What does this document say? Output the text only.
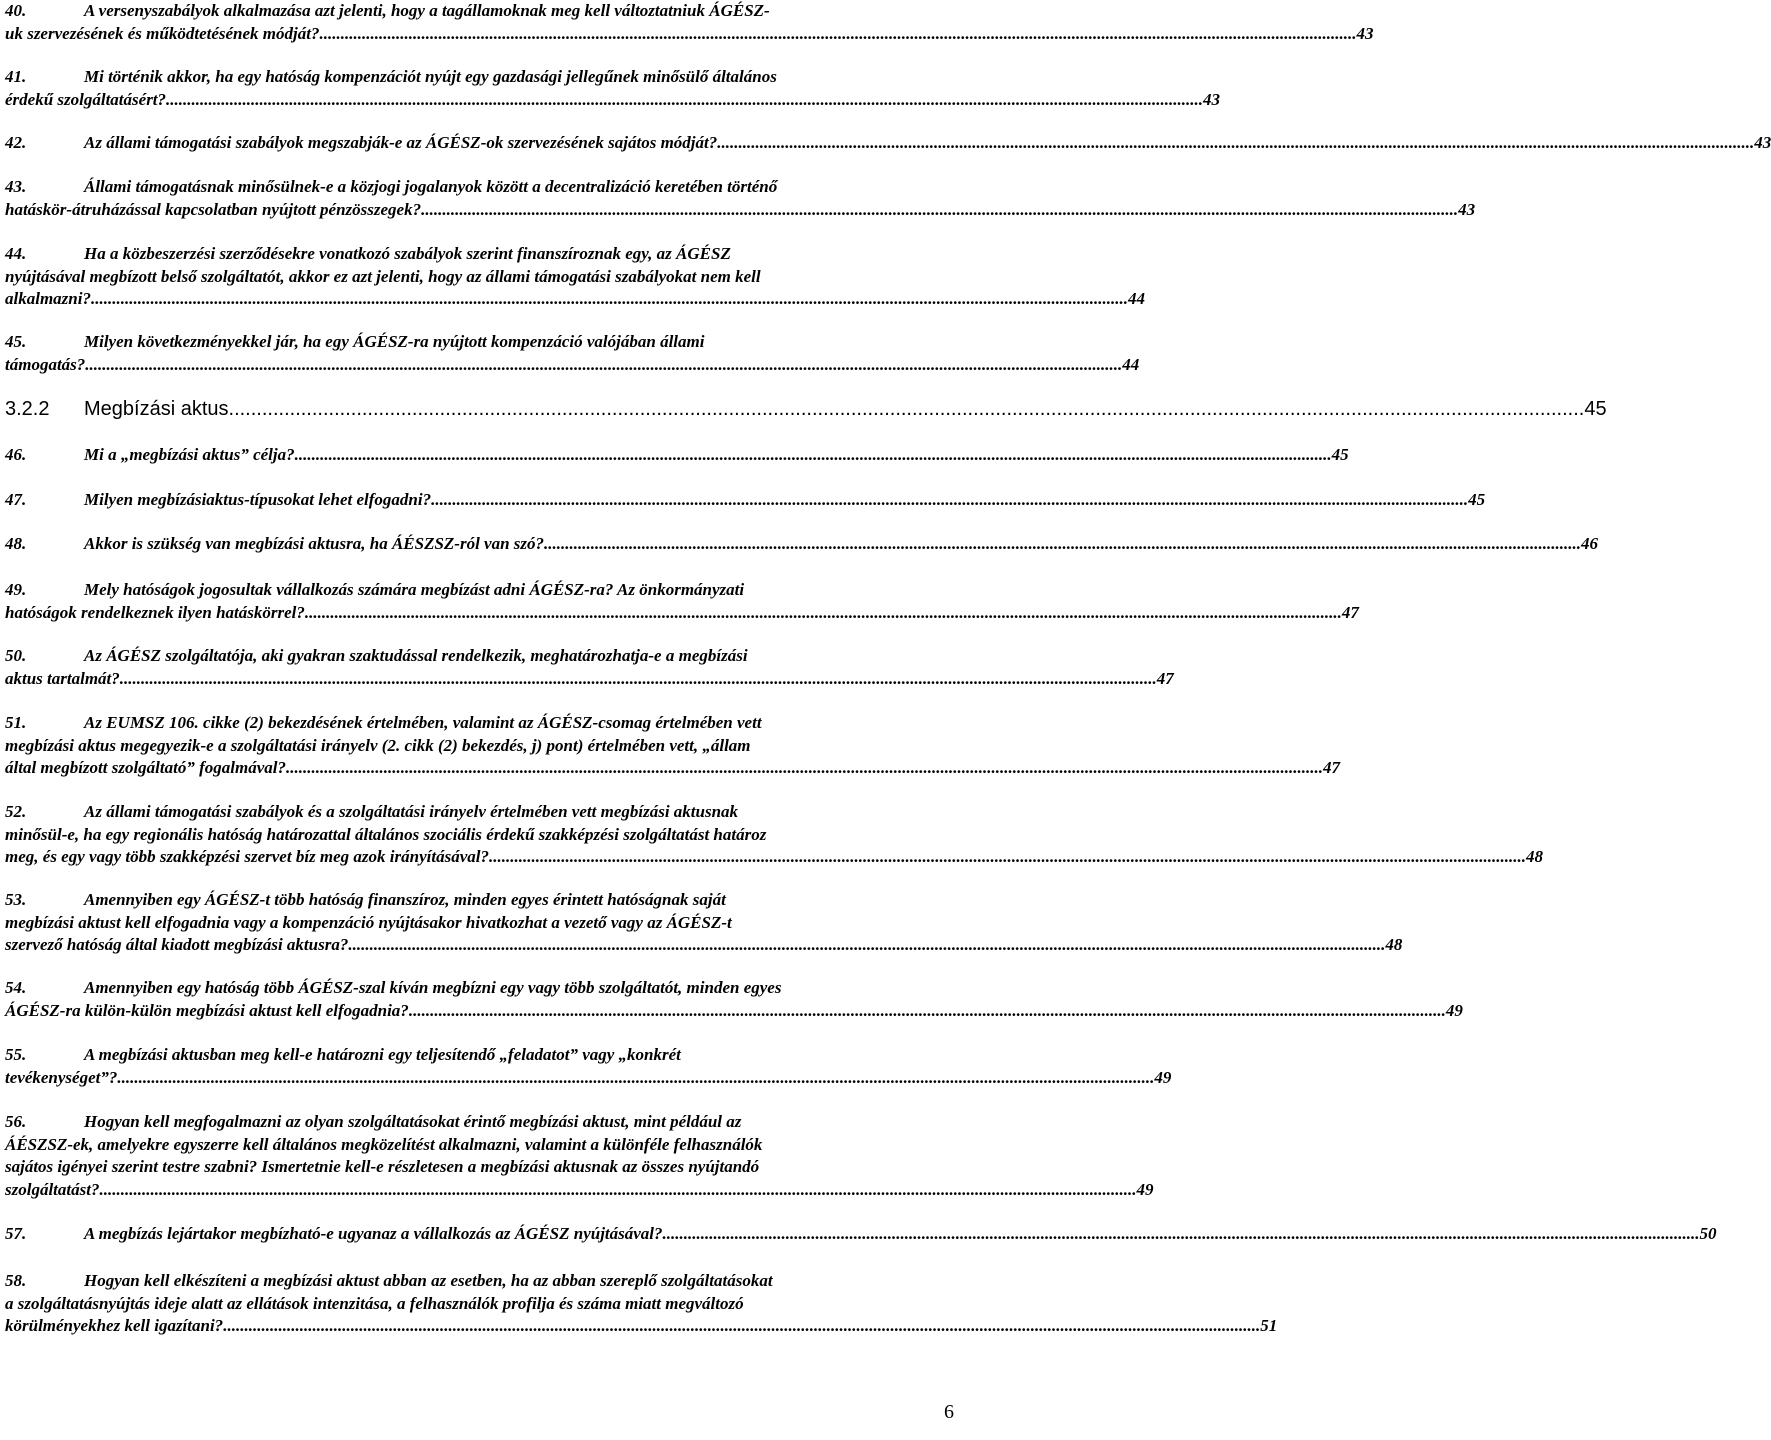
40.	A versenyszabályok alkalmazása azt jelenti, hogy a tagállamoknak meg kell változtatniuk ÁGÉSZ-
uk szervezésének és működtetésének módját? .....	43
41.	Mi történik akkor, ha egy hatóság kompenzációt nyújt egy gazdasági jellegűnek minősülő általános
érdekű szolgáltatásért? .....	43
42.	Az állami támogatási szabályok megszabják-e az ÁGÉSZ-ok szervezésének sajátos módját? .....	43
43.	Állami támogatásnak minősülnek-e a közjogi jogalanyok között a decentralizáció keretében történő
hatáskör-átruházással kapcsolatban nyújtott pénzösszegek? .....	43
44.	Ha a közbeszerzési szerződésekre vonatkozó szabályok szerint finanszíroznak egy, az ÁGÉSZ
nyújtásával megbízott belső szolgáltatót, akkor ez azt jelenti, hogy az állami támogatási szabályokat nem kell
alkalmazni? .....	44
45.	Milyen következményekkel jár, ha egy ÁGÉSZ-ra nyújtott kompenzáció valójában állami
támogatás? .....	44
3.2.2 Megbízási aktus .....	45
46.	Mi a „megbízási aktus” célja? .....	45
47.	Milyen megbízásiaktus-típusokat lehet elfogadni? .....	45
48.	Akkor is szükség van megbízási aktusra, ha ÁÉSZSZ-ról van szó? .....	46
49.	Mely hatóságok jogosultak vállalkozás számára megbízást adni ÁGÉSZ-ra? Az önkormányzati
hatóságok rendelkeznek ilyen hatáskörrel? .....	47
50.	Az ÁGÉSZ szolgáltatója, aki gyakran szaktudással rendelkezik, meghatározhatja-e a megbízási
aktus tartalmát? .....	47
51.	Az EUMSZ 106. cikke (2) bekezdésének értelmében, valamint az ÁGÉSZ-csomag értelmében vett
megbízási aktus megegyezik-e a szolgáltatási irányelv (2. cikk (2) bekezdés, j) pont) értelmében vett, „állam
által megbízott szolgáltató” fogalmával? .....	47
52.	Az állami támogatási szabályok és a szolgáltatási irányelv értelmében vett megbízási aktusnak
minősül-e, ha egy regionális hatóság határozattal általános szociális érdekű szakképzési szolgáltatást határoz
meg, és egy vagy több szakképzési szervet bíz meg azok irányításával? .....	48
53.	Amennyiben egy ÁGÉSZ-t több hatóság finanszíroz, minden egyes érintett hatóságnak saját
megbízási aktust kell elfogadnia vagy a kompenzáció nyújtásakor hivatkozhat a vezető vagy az ÁGÉSZ-t
szervező hatóság által kiadott megbízási aktusra? .....	48
54.	Amennyiben egy hatóság több ÁGÉSZ-szal kíván megbízni egy vagy több szolgáltatót, minden egyes
ÁGÉSZ-ra külön-külön megbízási aktust kell elfogadnia? .....	49
55.	A megbízási aktusban meg kell-e határozni egy teljesítendő „feladatot” vagy „konkrét
tevékenységet”? .....	49
56.	Hogyan kell megfogalmazni az olyan szolgáltatásokat érintő megbízási aktust, mint például az
ÁÉSZSZ-ek, amelyekre egyszerre kell általános megközelítést alkalmazni, valamint a különféle felhasználók
sajátos igényei szerint testre szabni? Ismertetnie kell-e részletesen a megbízási aktusnak az összes nyújtandó
szolgáltatást? .....	49
57.	A megbízás lejártakor megbízható-e ugyanaz a vállalkozás az ÁGÉSZ nyújtásával? .....	50
58.	Hogyan kell elkészíteni a megbízási aktust abban az esetben, ha az abban szereplő szolgáltatásokat
a szolgáltatásnyújtás ideje alatt az ellátások intenzitása, a felhasználók profilja és száma miatt megváltozó
körülményekhez kell igazítani? .....	51
6
